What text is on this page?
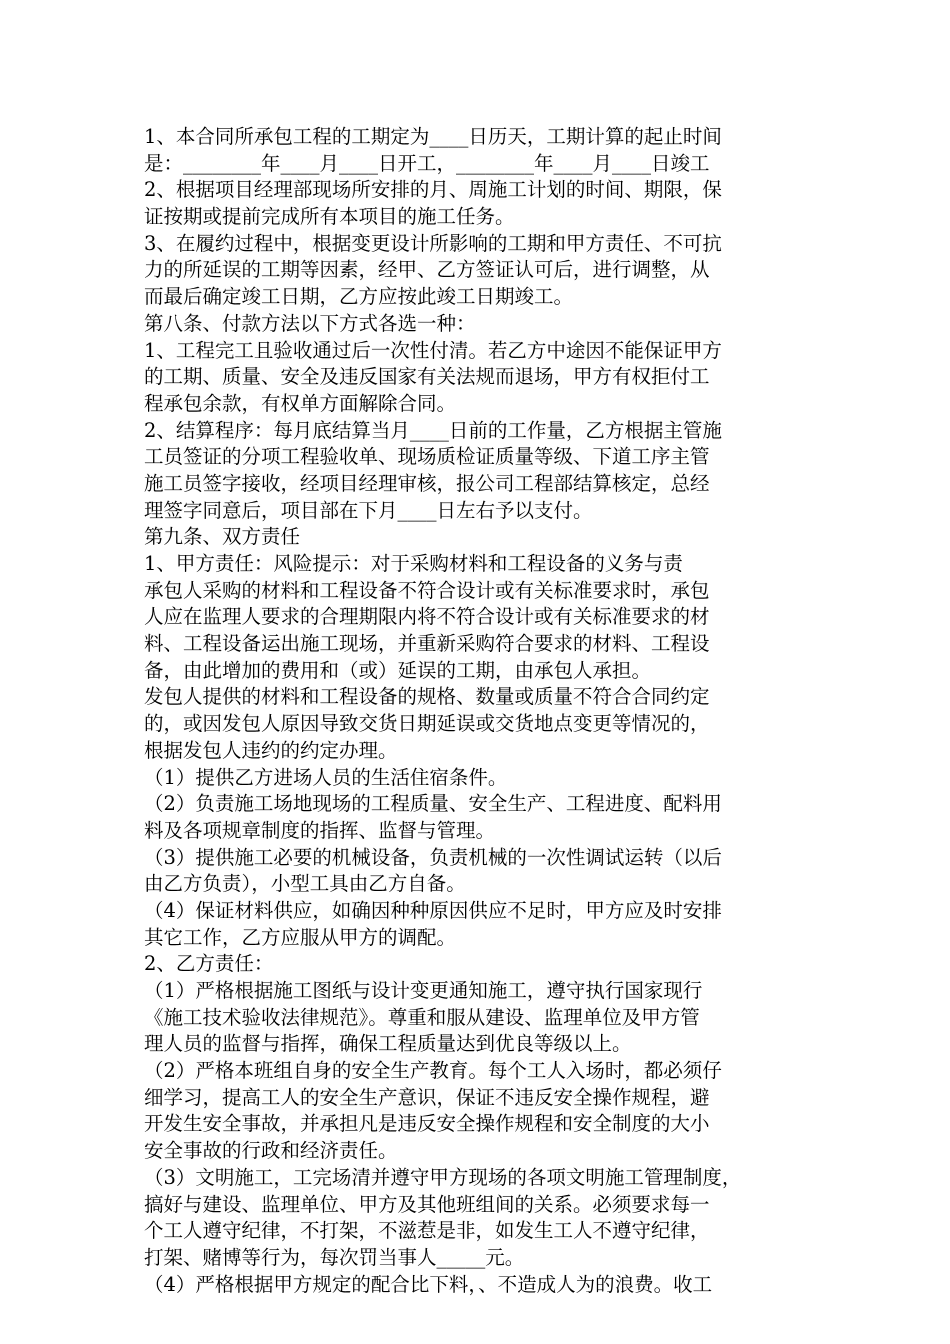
1、本合同所承包工程的工期定为____日历天，工期计算的起止时间
是：________年____月____日开工，________年____月____日竣工
2、根据项目经理部现场所安排的月、周施工计划的时间、期限，保
证按期或提前完成所有本项目的施工任务。
3、在履约过程中，根据变更设计所影响的工期和甲方责任、不可抗
力的所延误的工期等因素，经甲、乙方签证认可后，进行调整，从
而最后确定竣工日期，乙方应按此竣工日期竣工。
第八条、付款方法以下方式各选一种：
1、工程完工且验收通过后一次性付清。若乙方中途因不能保证甲方
的工期、质量、安全及违反国家有关法规而退场，甲方有权拒付工
程承包余款，有权单方面解除合同。
2、结算程序：每月底结算当月____日前的工作量，乙方根据主管施
工员签证的分项工程验收单、现场质检证质量等级、下道工序主管
施工员签字接收，经项目经理审核，报公司工程部结算核定，总经
理签字同意后，项目部在下月____日左右予以支付。
第九条、双方责任
1、甲方责任：风险提示：对于采购材料和工程设备的义务与责
承包人采购的材料和工程设备不符合设计或有关标准要求时，承包
人应在监理人要求的合理期限内将不符合设计或有关标准要求的材
料、工程设备运出施工现场，并重新采购符合要求的材料、工程设
备，由此增加的费用和（或）延误的工期，由承包人承担。
发包人提供的材料和工程设备的规格、数量或质量不符合合同约定
的，或因发包人原因导致交货日期延误或交货地点变更等情况的，
根据发包人违约的约定办理。
（1）提供乙方进场人员的生活住宿条件。
（2）负责施工场地现场的工程质量、安全生产、工程进度、配料用
料及各项规章制度的指挥、监督与管理。
（3）提供施工必要的机械设备，负责机械的一次性调试运转（以后
由乙方负责），小型工具由乙方自备。
（4）保证材料供应，如确因种种原因供应不足时，甲方应及时安排
其它工作，乙方应服从甲方的调配。
2、乙方责任：
（1）严格根据施工图纸与设计变更通知施工，遵守执行国家现行
《施工技术验收法律规范》。尊重和服从建设、监理单位及甲方管
理人员的监督与指挥，确保工程质量达到优良等级以上。
（2）严格本班组自身的安全生产教育。每个工人入场时，都必须仔
细学习，提高工人的安全生产意识，保证不违反安全操作规程，避
开发生安全事故，并承担凡是违反安全操作规程和安全制度的大小
安全事故的行政和经济责任。
（3）文明施工，工完场清并遵守甲方现场的各项文明施工管理制度，
搞好与建设、监理单位、甲方及其他班组间的关系。必须要求每一
个工人遵守纪律，不打架，不滋惹是非，如发生工人不遵守纪律，
打架、赌博等行为，每次罚当事人_____元。
（4）严格根据甲方规定的配合比下料，、不造成人为的浪费。收工
